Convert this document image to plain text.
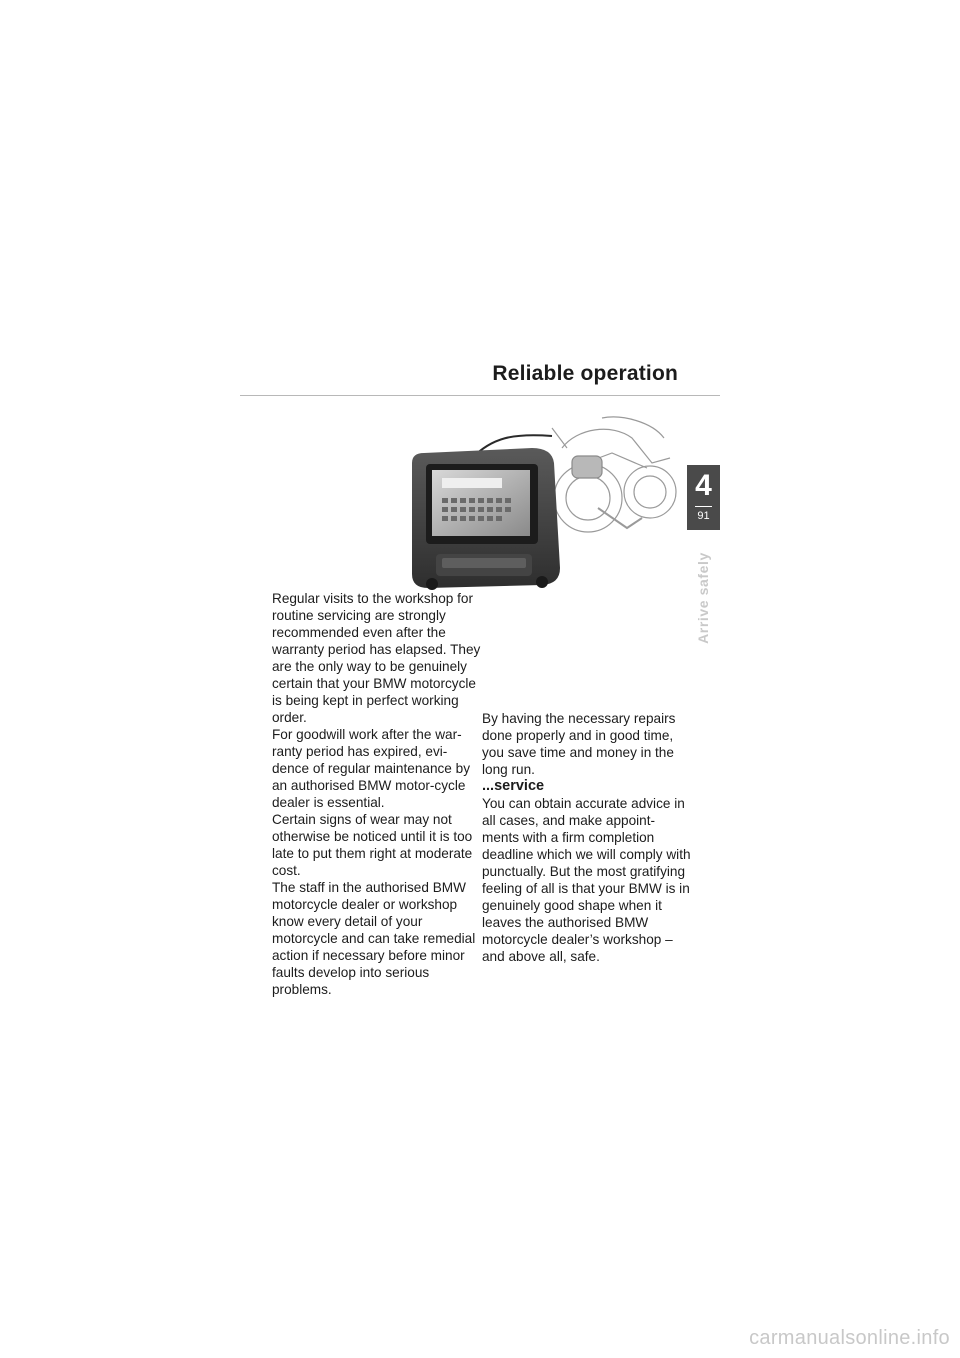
Reliable operation
4
91
Arrive safely

Regular visits to the workshop for routine servicing are strongly recommended even after the warranty period has elapsed. They are the only way to be genuinely certain that your BMW motorcycle is being kept in perfect working order.

For goodwill work after the war-ranty period has expired, evi-dence of regular maintenance by an authorised BMW motor-cycle dealer is essential.

Certain signs of wear may not otherwise be noticed until it is too late to put them right at moderate cost.

The staff in the authorised BMW motorcycle dealer or workshop know every detail of your motorcycle and can take remedial action if necessary before minor faults develop into serious problems.

By having the necessary repairs done properly and in good time, you save time and money in the long run.

...service

You can obtain accurate advice in all cases, and make appoint-ments with a firm completion deadline which we will comply with punctually. But the most gratifying feeling of all is that your BMW is in genuinely good shape when it leaves the authorised BMW motorcycle dealer’s workshop – and above all, safe.

carmanualsonline.info
